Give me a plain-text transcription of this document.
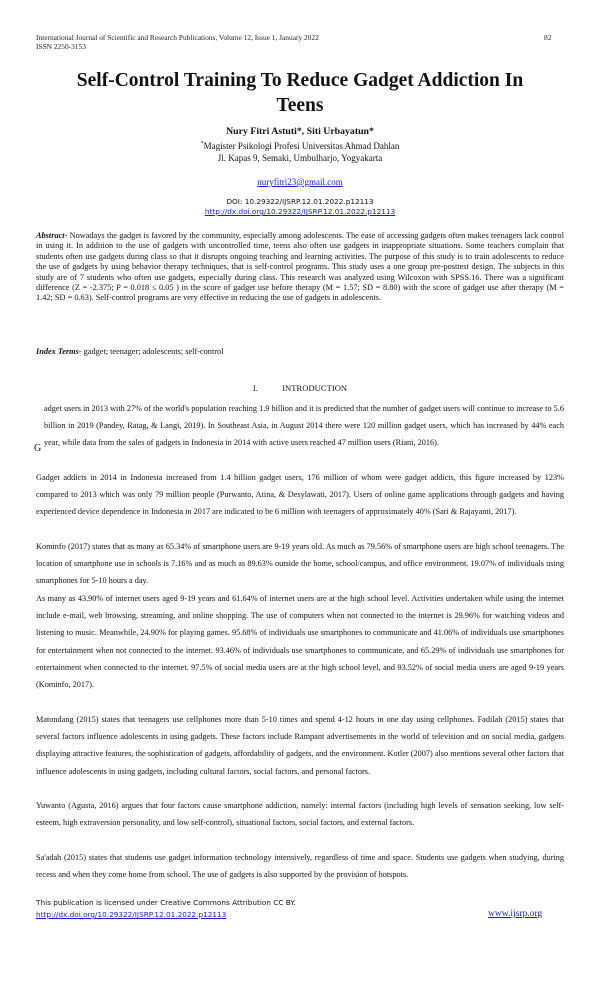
International Journal of Scientific and Research Publications, Volume 12, Issue 1, January 2022
ISSN 2250-3153
82
Self-Control Training To Reduce Gadget Addiction In Teens
Nury Fitri Astuti*, Siti Urbayatun*
*Magister Psikologi Profesi Universitas Ahmad Dahlan
Jl. Kapas 9, Semaki, Umbulharjo, Yogyakarta
nuryfitri23@gmail.com
DOI: 10.29322/IJSRP.12.01.2022.p12113
http://dx.doi.org/10.29322/IJSRP.12.01.2022.p12113

Abstract- Nowadays the gadget is favored by the community, especially among adolescents. The ease of accessing gadgets often makes teenagers lack control in using it. In addition to the use of gadgets with uncontrolled time, teens also often use gadgets in inappropriate situations. Some teachers complain that students often use gadgets during class so that it disrupts ongoing teaching and learning activities. The purpose of this study is to train adolescents to reduce the use of gadgets by using behavior therapy techniques, that is self-control programs. This study uses a one group pre-posttest design. The subjects in this study are of 7 students who often use gadgets, especially during class. This research was analyzed using Wilcoxon with SPSS.16. There was a significant difference (Z = -2.375; P = 0.018 ≤ 0.05 ) in the score of gadget use before therapy (M = 1.57; SD = 8.80) with the score of gadget use after therapy (M = 1.42; SD = 0.63). Self-control programs are very effective in reducing the use of gadgets in adolescents.

Index Terms- gadget; teenager; adolescents; self-control
I.	INTRODUCTION
G

adget users in 2013 with 27% of the world's population reaching 1.9 billion and it is predicted that the number of gadget users will continue to increase to 5.6 billion in 2019 (Pandey, Ratag, & Langi, 2019). In Southeast Asia, in August 2014 there were 120 million gadget users, which has increased by 44% each year, while data from the sales of gadgets in Indonesia in 2014 with active users reached 47 million users (Riani, 2016).

Gadget addicts in 2014 in Indonesia increased from 1.4 billion gadget users, 176 million of whom were gadget addicts, this figure increased by 123% compared to 2013 which was only 79 million people (Purwanto, Atina, & Desylawati, 2017). Users of online game applications through gadgets and having experienced device dependence in Indonesia in 2017 are indicated to be 6 million with teenagers of approximately 40% (Sari & Rajayanti, 2017).

Kominfo (2017) states that as many as 65.34% of smartphone users are 9-19 years old. As much as 79.56% of smartphone users are high school teenagers. The location of smartphone use in schools is 7.16% and as much as 89.63% outside the home, school/campus, and office environment. 19.07% of individuals using smartphones for 5-10 hours a day.

As many as 43.90% of internet users aged 9-19 years and 61.64% of internet users are at the high school level. Activities undertaken while using the internet include e-mail, web browsing, streaming, and online shopping. The use of computers when not connected to the internet is 29.96% for watching videos and listening to music. Meanwhile, 24.90% for playing games. 95.68% of individuals use smartphones to communicate and 41.06% of individuals use smartphones for entertainment when not connected to the internet. 93.46% of individuals use smartphones to communicate, and 65.29% of individuals use smartphones for entertainment when connected to the internet. 97.5% of social media users are at the high school level, and 93.52% of social media users are aged 9-19 years (Kominfo, 2017).

Matondang (2015) states that teenagers use cellphones more than 5-10 times and spend 4-12 hours in one day using cellphones. Fadilah (2015) states that several factors influence adolescents in using gadgets. These factors include Rampant advertisements in the world of television and on social media, gadgets displaying attractive features, the sophistication of gadgets, affordability of gadgets, and the environment. Kotler (2007) also mentions several other factors that influence adolescents in using gadgets, including cultural factors, social factors, and personal factors.

Yuwanto (Agusta, 2016) argues that four factors cause smartphone addiction, namely: internal factors (including high levels of sensation seeking, low self-esteem, high extraversion personality, and low self-control), situational factors, social factors, and external factors.

Sa'adah (2015) states that students use gadget information technology intensively, regardless of time and space. Students use gadgets when studying, during recess and when they come home from school. The use of gadgets is also supported by the provision of hotspots.

This publication is licensed under Creative Commons Attribution CC BY.
http://dx.doi.org/10.29322/IJSRP.12.01.2022.p12113	www.ijsrp.org
